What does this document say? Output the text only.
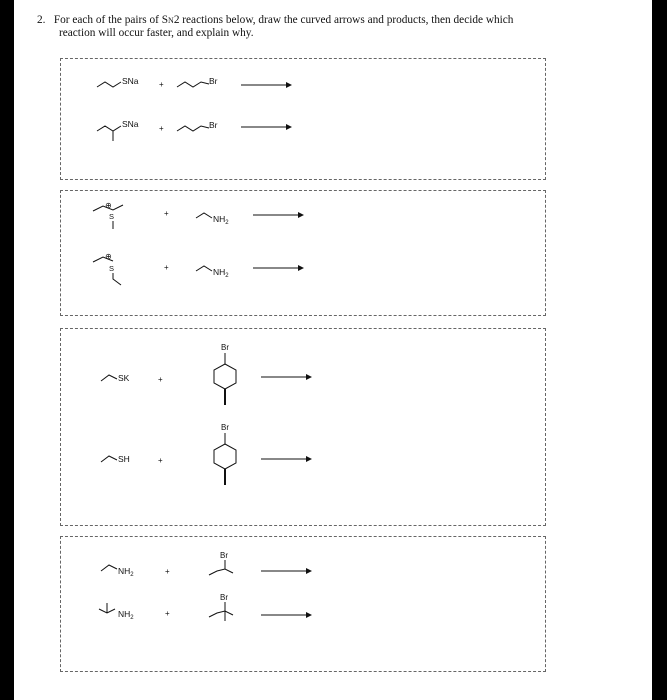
2. For each of the pairs of SN2 reactions below, draw the curved arrows and products, then decide which
reaction will occur faster, and explain why.
SNa	+	Br
SNa	+	Br
⊕
S	+
$NH_2$
⊕
S	+	$NH_2$
SK	+
Br
SH	+
Br
$NH_2$	+
Br
$NH_2$	+
Br
